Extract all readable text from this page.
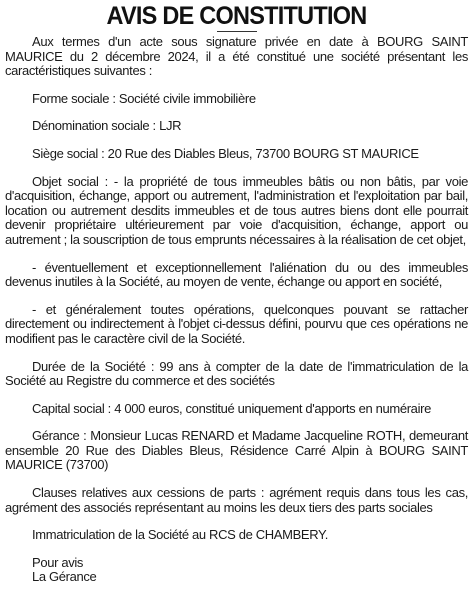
AVIS DE CONSTITUTION

Aux termes d'un acte sous signature privée en date à BOURG SAINT MAURICE du 2 décembre 2024, il a été constitué une société présentant les caractéristiques suivantes :

Forme sociale : Société civile immobilière

Dénomination sociale : LJR

Siège social : 20 Rue des Diables Bleus, 73700 BOURG ST MAURICE

Objet social : - la propriété de tous immeubles bâtis ou non bâtis, par voie d'acquisition, échange, apport ou autrement, l'administration et l'exploitation par bail, location ou autrement desdits immeubles et de tous autres biens dont elle pourrait devenir propriétaire ultérieurement par voie d'acquisition, échange, apport ou autrement ; la souscription de tous emprunts nécessaires à la réalisation de cet objet,

- éventuellement et exceptionnellement l'aliénation du ou des immeubles devenus inutiles à la Société, au moyen de vente, échange ou apport en société,

- et généralement toutes opérations, quelconques pouvant se rattacher directement ou indirectement à l'objet ci-dessus défini, pourvu que ces opérations ne modifient pas le caractère civil de la Société.

Durée de la Société : 99 ans à compter de la date de l'immatriculation de la Société au Registre du commerce et des sociétés

Capital social : 4 000 euros, constitué uniquement d'apports en numéraire

Gérance : Monsieur Lucas RENARD et Madame Jacqueline ROTH, demeurant ensemble 20 Rue des Diables Bleus, Résidence Carré Alpin à BOURG SAINT MAURICE (73700)

Clauses relatives aux cessions de parts : agrément requis dans tous les cas, agrément des associés représentant au moins les deux tiers des parts sociales

Immatriculation de la Société au RCS de CHAMBERY.

Pour avis

La Gérance
